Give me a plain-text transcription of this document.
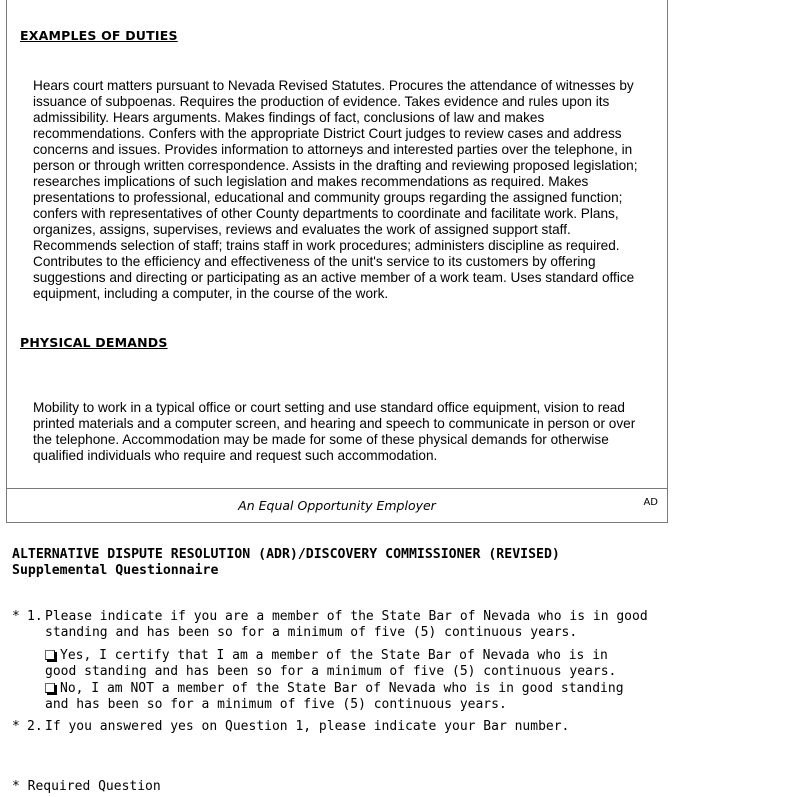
EXAMPLES OF DUTIES
Hears court matters pursuant to Nevada Revised Statutes. Procures the attendance of witnesses by issuance of subpoenas. Requires the production of evidence. Takes evidence and rules upon its admissibility. Hears arguments. Makes findings of fact, conclusions of law and makes recommendations. Confers with the appropriate District Court judges to review cases and address concerns and issues. Provides information to attorneys and interested parties over the telephone, in person or through written correspondence. Assists in the drafting and reviewing proposed legislation; researches implications of such legislation and makes recommendations as required. Makes presentations to professional, educational and community groups regarding the assigned function; confers with representatives of other County departments to coordinate and facilitate work. Plans, organizes, assigns, supervises, reviews and evaluates the work of assigned support staff. Recommends selection of staff; trains staff in work procedures; administers discipline as required. Contributes to the efficiency and effectiveness of the unit's service to its customers by offering suggestions and directing or participating as an active member of a work team. Uses standard office equipment, including a computer, in the course of the work.
PHYSICAL DEMANDS
Mobility to work in a typical office or court setting and use standard office equipment, vision to read printed materials and a computer screen, and hearing and speech to communicate in person or over the telephone. Accommodation may be made for some of these physical demands for otherwise qualified individuals who require and request such accommodation.
An Equal Opportunity Employer	AD
ALTERNATIVE DISPUTE RESOLUTION (ADR)/DISCOVERY COMMISSIONER (REVISED)
Supplemental Questionnaire
* 1. Please indicate if you are a member of the State Bar of Nevada who is in good standing and has been so for a minimum of five (5) continuous years.
Yes, I certify that I am a member of the State Bar of Nevada who is in good standing and has been so for a minimum of five (5) continuous years.
No, I am NOT a member of the State Bar of Nevada who is in good standing and has been so for a minimum of five (5) continuous years.
* 2. If you answered yes on Question 1, please indicate your Bar number.
* Required Question
